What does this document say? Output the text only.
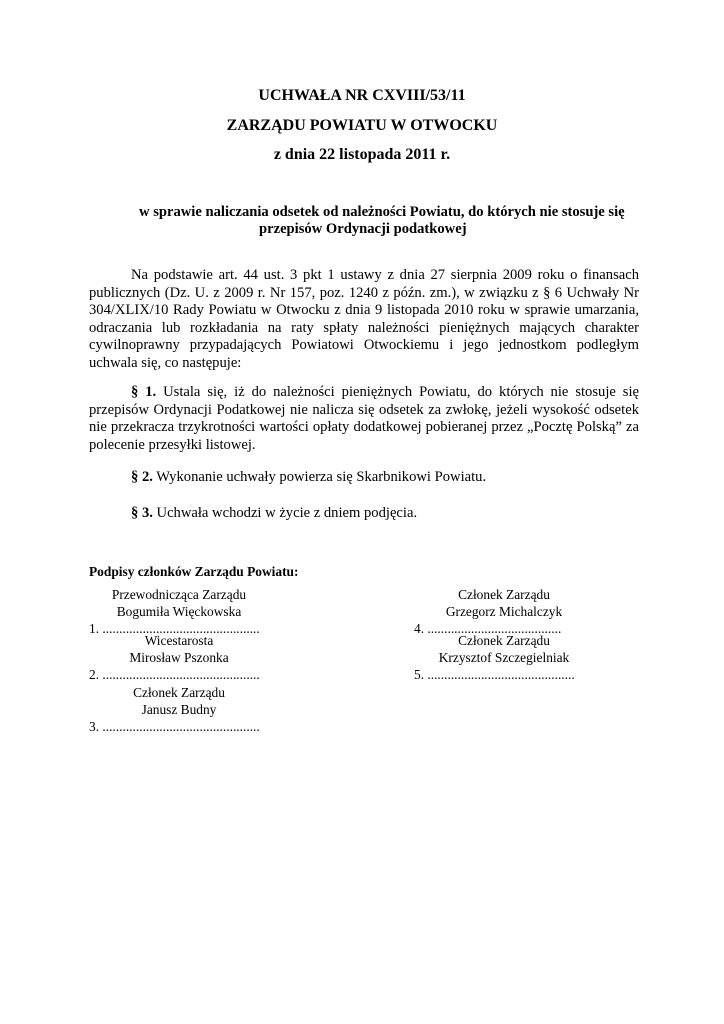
UCHWAŁA NR CXVIII/53/11
ZARZĄDU POWIATU W OTWOCKU
z dnia 22 listopada 2011 r.
w sprawie naliczania odsetek od należności Powiatu, do których nie stosuje się
przepisów Ordynacji podatkowej

Na podstawie art. 44 ust. 3 pkt 1 ustawy z dnia 27 sierpnia 2009 roku o finansach publicznych (Dz. U. z 2009 r. Nr 157, poz. 1240 z późn. zm.), w związku z § 6 Uchwały Nr 304/XLIX/10 Rady Powiatu w Otwocku z dnia 9 listopada 2010 roku w sprawie umarzania, odraczania lub rozkładania na raty spłaty należności pieniężnych mających charakter cywilnoprawny przypadających Powiatowi Otwockiemu i jego jednostkom podległym uchwala się, co następuje:

§ 1. Ustala się, iż do należności pieniężnych Powiatu, do których nie stosuje się przepisów Ordynacji Podatkowej nie nalicza się odsetek za zwłokę, jeżeli wysokość odsetek nie przekracza trzykrotności wartości opłaty dodatkowej pobieranej przez „Pocztę Polską” za polecenie przesyłki listowej.

§ 2. Wykonanie uchwały powierza się Skarbnikowi Powiatu.

§ 3. Uchwała wchodzi w życie z dniem podjęcia.

Podpisy członków Zarządu Powiatu:
Przewodnicząca Zarządu
Bogumiła Więckowska
1. ...............................................
Wicestarosta
Mirosław Pszonka
2. ...............................................
Członek Zarządu
Janusz Budny
3. ...............................................
Członek Zarządu
Grzegorz Michalczyk
4. ........................................
Członek Zarządu
Krzysztof Szczegielniak
5. ............................................
